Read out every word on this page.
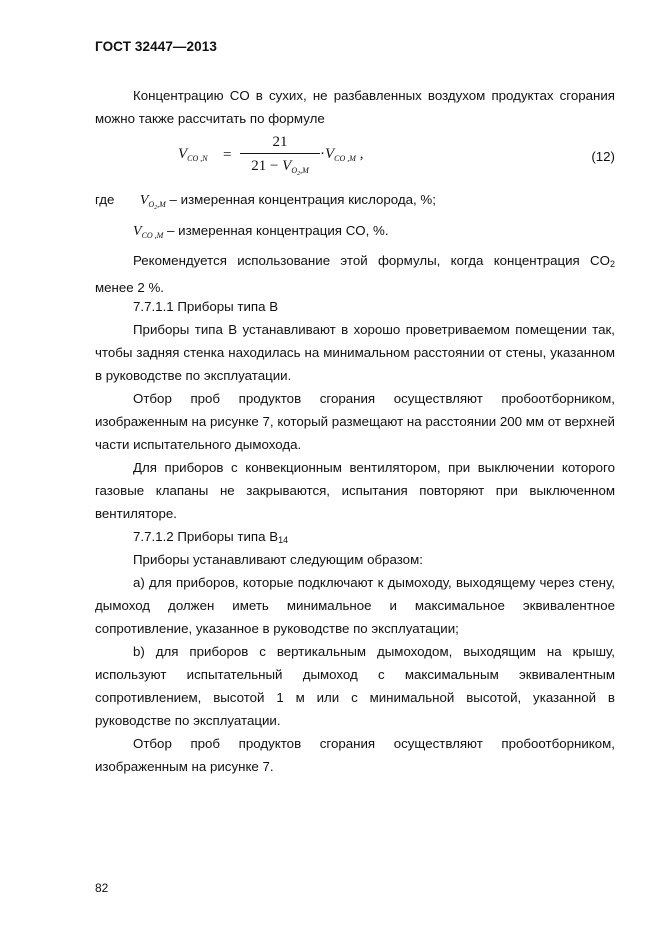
ГОСТ 32447—2013

Концентрацию CO в сухих, не разбавленных воздухом продуктах сгорания можно также рассчитать по формуле

$V_{CO ,N}$ =
21
$21 - V_{O_2,M}$
$\cdot V_{CO ,M}$ ,	(12)
где $V_{O_2,M}$ – измеренная концентрация кислорода, %;
$V_{CO ,M}$ – измеренная концентрация CO, %.

Рекомендуется использование этой формулы, когда концентрация CO2 менее 2 %.

7.7.1.1 Приборы типа B

Приборы типа B устанавливают в хорошо проветриваемом помещении так, чтобы задняя стенка находилась на минимальном расстоянии от стены, указанном в руководстве по эксплуатации.

Отбор проб продуктов сгорания осуществляют пробоотборником, изображенным на рисунке 7, который размещают на расстоянии 200 мм от верхней части испытательного дымохода.

Для приборов с конвекционным вентилятором, при выключении которого газовые клапаны не закрываются, испытания повторяют при выключенном вентиляторе.

7.7.1.2 Приборы типа B14

Приборы устанавливают следующим образом:

a) для приборов, которые подключают к дымоходу, выходящему через стену, дымоход должен иметь минимальное и максимальное эквивалентное сопротивление, указанное в руководстве по эксплуатации;

b) для приборов с вертикальным дымоходом, выходящим на крышу, используют испытательный дымоход с максимальным эквивалентным сопротивлением, высотой 1 м или с минимальной высотой, указанной в руководстве по эксплуатации.

Отбор проб продуктов сгорания осуществляют пробоотборником, изображенным на рисунке 7.

82
